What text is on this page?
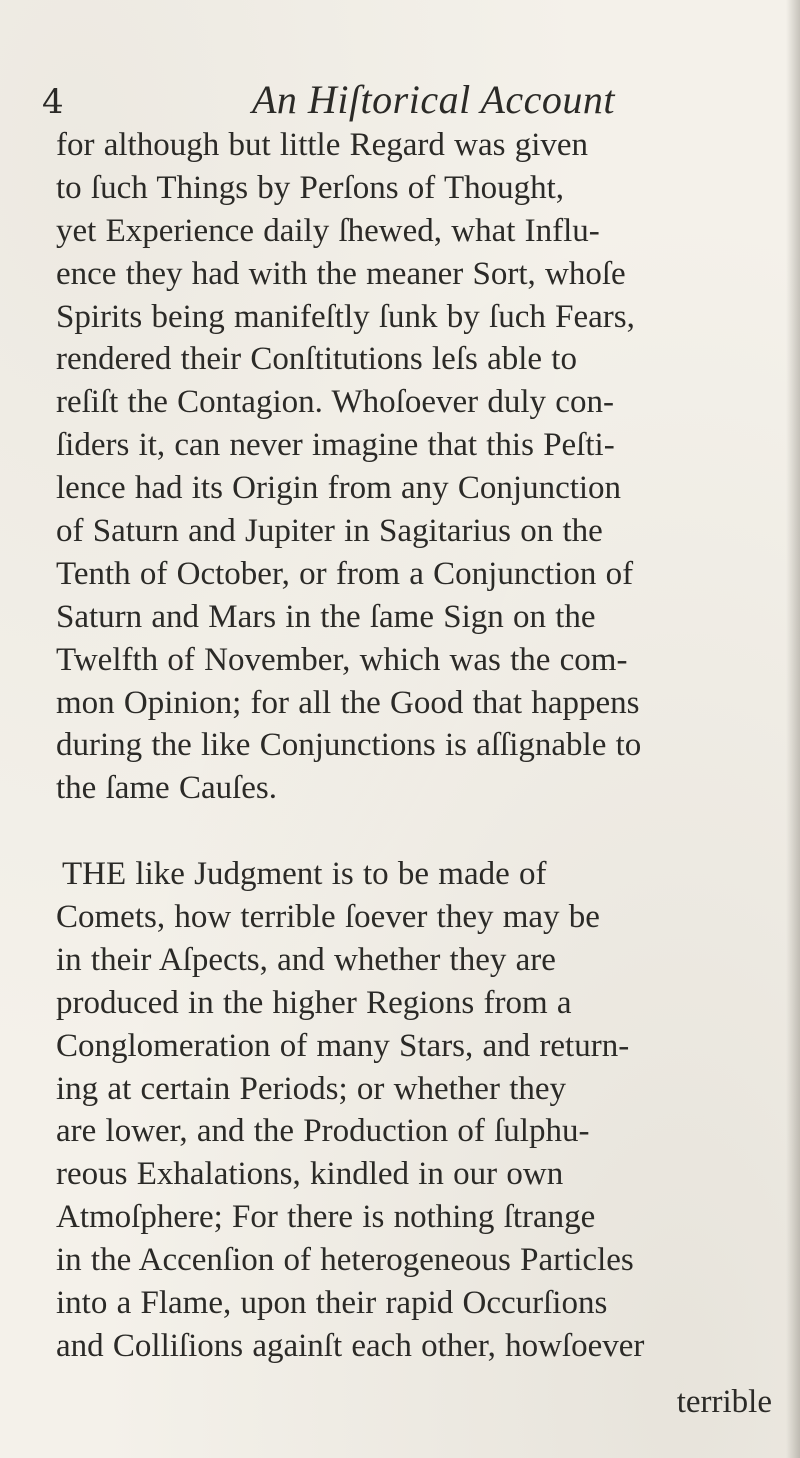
4	An Hiſtorical Account
for although but little Regard was given
to ſuch Things by Perſons of Thought,
yet Experience daily ſhewed, what Influ-
ence they had with the meaner Sort, whoſe
Spirits being manifeſtly ſunk by ſuch Fears,
rendered their Conſtitutions leſs able to
reſiſt the Contagion. Whoſoever duly con-
ſiders it, can never imagine that this Peſti-
lence had its Origin from any Conjunction
of Saturn and Jupiter in Sagitarius on the
Tenth of October, or from a Conjunction of
Saturn and Mars in the ſame Sign on the
Twelfth of November, which was the com-
mon Opinion; for all the Good that happens
during the like Conjunctions is aſſignable to
the ſame Cauſes.
THE like Judgment is to be made of
Comets, how terrible ſoever they may be
in their Aſpects, and whether they are
produced in the higher Regions from a
Conglomeration of many Stars, and return-
ing at certain Periods; or whether they
are lower, and the Production of ſulphu-
reous Exhalations, kindled in our own
Atmoſphere; For there is nothing ſtrange
in the Accenſion of heterogeneous Particles
into a Flame, upon their rapid Occurſions
and Colliſions againſt each other, howſoever
terrible
